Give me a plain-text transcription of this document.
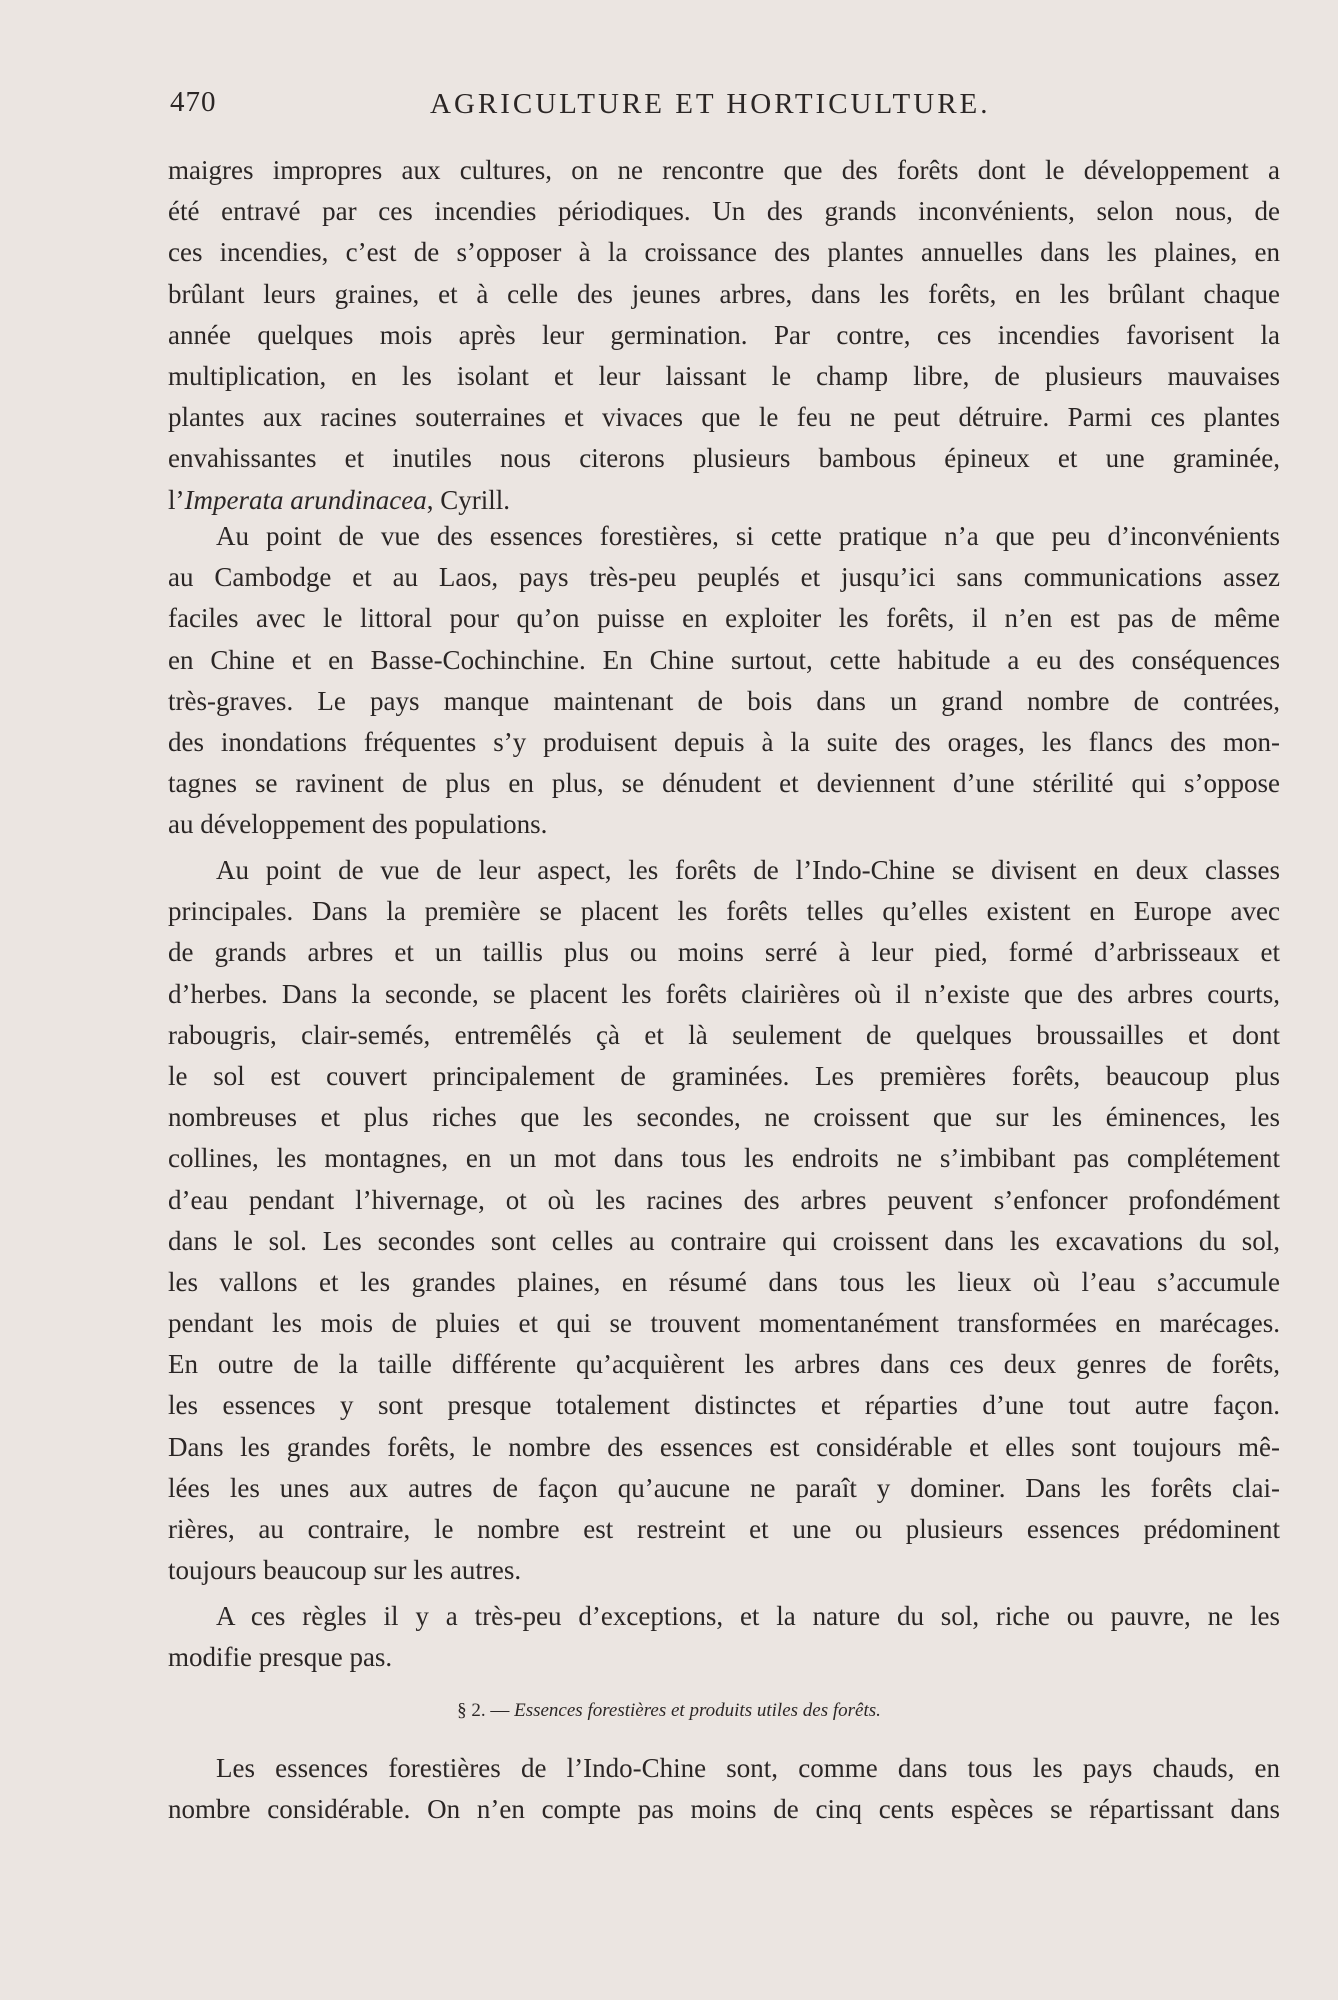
470	AGRICULTURE ET HORTICULTURE.
maigres impropres aux cultures, on ne rencontre que des forêts dont le développement a
été entravé par ces incendies périodiques. Un des grands inconvénients, selon nous, de
ces incendies, c’est de s’opposer à la croissance des plantes annuelles dans les plaines, en
brûlant leurs graines, et à celle des jeunes arbres, dans les forêts, en les brûlant chaque
année quelques mois après leur germination. Par contre, ces incendies favorisent la
multiplication, en les isolant et leur laissant le champ libre, de plusieurs mauvaises
plantes aux racines souterraines et vivaces que le feu ne peut détruire. Parmi ces plantes
envahissantes et inutiles nous citerons plusieurs bambous épineux et une graminée,
l’Imperata arundinacea, Cyrill.
Au point de vue des essences forestières, si cette pratique n’a que peu d’inconvénients
au Cambodge et au Laos, pays très-peu peuplés et jusqu’ici sans communications assez
faciles avec le littoral pour qu’on puisse en exploiter les forêts, il n’en est pas de même
en Chine et en Basse-Cochinchine. En Chine surtout, cette habitude a eu des conséquences
très-graves. Le pays manque maintenant de bois dans un grand nombre de contrées,
des inondations fréquentes s’y produisent depuis à la suite des orages, les flancs des mon-
tagnes se ravinent de plus en plus, se dénudent et deviennent d’une stérilité qui s’oppose
au développement des populations.
Au point de vue de leur aspect, les forêts de l’Indo-Chine se divisent en deux classes
principales. Dans la première se placent les forêts telles qu’elles existent en Europe avec
de grands arbres et un taillis plus ou moins serré à leur pied, formé d’arbrisseaux et
d’herbes. Dans la seconde, se placent les forêts clairières où il n’existe que des arbres courts,
rabougris, clair-semés, entremêlés çà et là seulement de quelques broussailles et dont
le sol est couvert principalement de graminées. Les premières forêts, beaucoup plus
nombreuses et plus riches que les secondes, ne croissent que sur les éminences, les
collines, les montagnes, en un mot dans tous les endroits ne s’imbibant pas complétement
d’eau pendant l’hivernage, ot où les racines des arbres peuvent s’enfoncer profondément
dans le sol. Les secondes sont celles au contraire qui croissent dans les excavations du sol,
les vallons et les grandes plaines, en résumé dans tous les lieux où l’eau s’accumule
pendant les mois de pluies et qui se trouvent momentanément transformées en marécages.
En outre de la taille différente qu’acquièrent les arbres dans ces deux genres de forêts,
les essences y sont presque totalement distinctes et réparties d’une tout autre façon.
Dans les grandes forêts, le nombre des essences est considérable et elles sont toujours mê-
lées les unes aux autres de façon qu’aucune ne paraît y dominer. Dans les forêts clai-
rières, au contraire, le nombre est restreint et une ou plusieurs essences prédominent
toujours beaucoup sur les autres.
A ces règles il y a très-peu d’exceptions, et la nature du sol, riche ou pauvre, ne les
modifie presque pas.
§ 2. — Essences forestières et produits utiles des forêts.
Les essences forestières de l’Indo-Chine sont, comme dans tous les pays chauds, en
nombre considérable. On n’en compte pas moins de cinq cents espèces se répartissant dans
